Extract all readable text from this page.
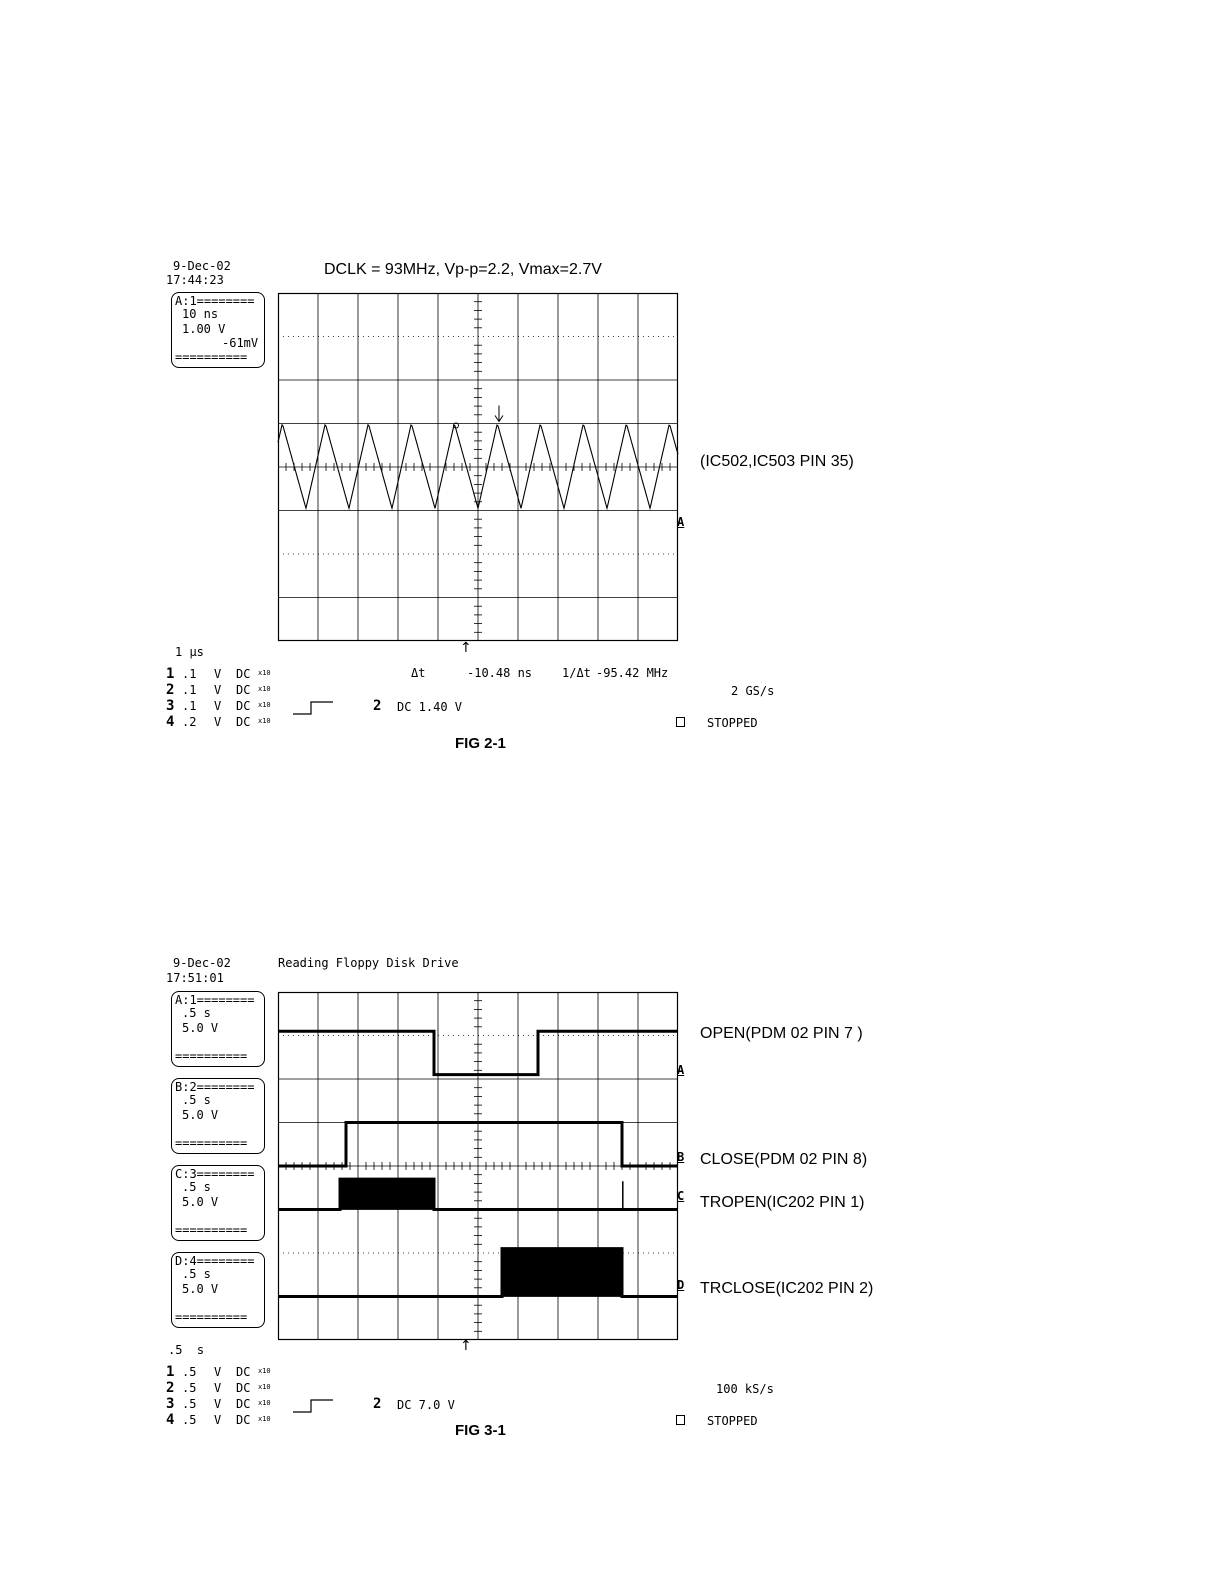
9-Dec-02
17:44:23
DCLK = 93MHz, Vp-p=2.2, Vmax=2.7V
A:1========
10 ns
1.00 V
-61mV
==========
A
(IC502,IC503 PIN 35)
↑
1 μs
1 .1 V DC x10
2 .1 V DC x10
3 .1 V DC x10
4 .2 V DC x10
Δt	-10.48 ns 1/Δt -95.42 MHz
2 GS/s
2 DC 1.40 V
STOPPED
FIG 2-1
9-Dec-02
17:51:01
Reading Floppy Disk Drive
A:1========
.5 s
5.0 V
==========
B:2========
.5 s
5.0 V
==========
C:3========
.5 s
5.0 V
==========
D:4========
.5 s
5.0 V
==========
A
B
C
D
OPEN(PDM 02 PIN 7 )
CLOSE(PDM 02 PIN 8)
TROPEN(IC202 PIN 1)
TRCLOSE(IC202 PIN 2)
↑
.5  s
1 .5 V DC x10
2 .5 V DC x10
3 .5 V DC x10
4 .5 V DC x10
100 kS/s
2 DC 7.0 V
STOPPED
FIG 3-1
